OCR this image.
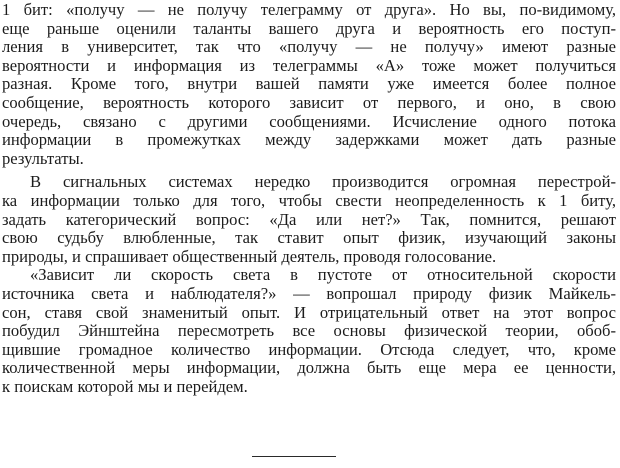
1 бит: «получу — не получу телеграмму от друга». Но вы, по-видимому,
еще раньше оценили таланты вашего друга и вероятность его поступ-
ления в университет, так что «получу — не получу» имеют разные
вероятности и информация из телеграммы «А» тоже может получиться
разная. Кроме того, внутри вашей памяти уже имеется более полное
сообщение, вероятность которого зависит от первого, и оно, в свою
очередь, связано с другими сообщениями. Исчисление одного потока
информации в промежутках между задержками может дать разные
результаты.
В сигнальных системах нередко производится огромная перестрой-
ка информации только для того, чтобы свести неопределенность к 1 биту,
задать категорический вопрос: «Да или нет?» Так, помнится, решают
свою судьбу влюбленные, так ставит опыт физик, изучающий законы
природы, и спрашивает общественный деятель, проводя голосование.
«Зависит ли скорость света в пустоте от относительной скорости
источника света и наблюдателя?» — вопрошал природу физик Майкель-
сон, ставя свой знаменитый опыт. И отрицательный ответ на этот вопрос
побудил Эйнштейна пересмотреть все основы физической теории, обоб-
щившие громадное количество информации. Отсюда следует, что, кроме
количественной меры информации, должна быть еще мера ее ценности,
к поискам которой мы и перейдем.
